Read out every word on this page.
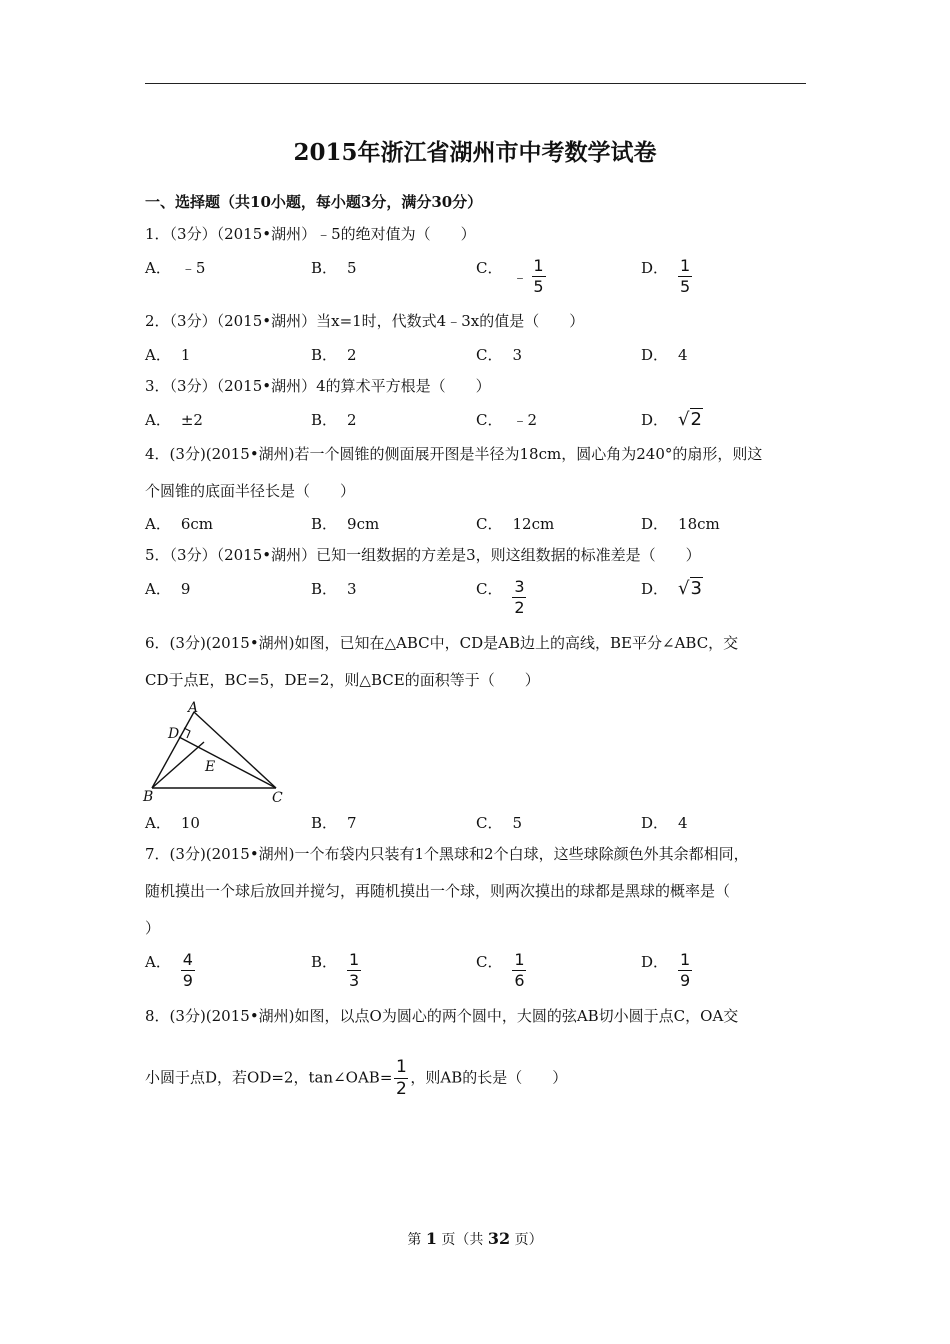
2015年浙江省湖州市中考数学试卷
一、选择题（共10小题，每小题3分，满分30分）
1．（3分）（2015•湖州）﹣5的绝对值为（　　）
A． ﹣5	B． 5	C． ﹣ $\frac{1}{5}$	D． $\frac{1}{5}$
2．（3分）（2015•湖州）当x=1时，代数式4﹣3x的值是（　　）
A． 1	B． 2	C． 3	D． 4
3．（3分）（2015•湖州）4的算术平方根是（　　）
A． ±2	B． 2	C． ﹣2	D． √2
4．(3分)(2015•湖州)若一个圆锥的侧面展开图是半径为18cm，圆心角为240°的扇形，则这
个圆锥的底面半径长是（　　）
A． 6cm	B． 9cm	C． 12cm	D． 18cm
5．（3分）（2015•湖州）已知一组数据的方差是3，则这组数据的标准差是（　　）
A． 9	B． 3	C． $\frac{3}{2}$	D． √3
6．(3分)(2015•湖州)如图，已知在△ABC中，CD是AB边上的高线，BE平分∠ABC，交
CD于点E，BC=5，DE=2，则△BCE的面积等于（　　）
A
D
E
B	C
A． 10	B． 7	C． 5	D． 4
7．(3分)(2015•湖州)一个布袋内只装有1个黑球和2个白球，这些球除颜色外其余都相同，
随机摸出一个球后放回并搅匀，再随机摸出一个球，则两次摸出的球都是黑球的概率是（
）
A． $\frac{4}{9}$	B． $\frac{1}{3}$	C． $\frac{1}{6}$	D． $\frac{1}{9}$
8．(3分)(2015•湖州)如图，以点O为圆心的两个圆中，大圆的弦AB切小圆于点C，OA交
小圆于点D，若OD=2，tan∠OAB= $\frac{1}{2}$ ，则AB的长是（　　）
第 1 页（共 32 页）
